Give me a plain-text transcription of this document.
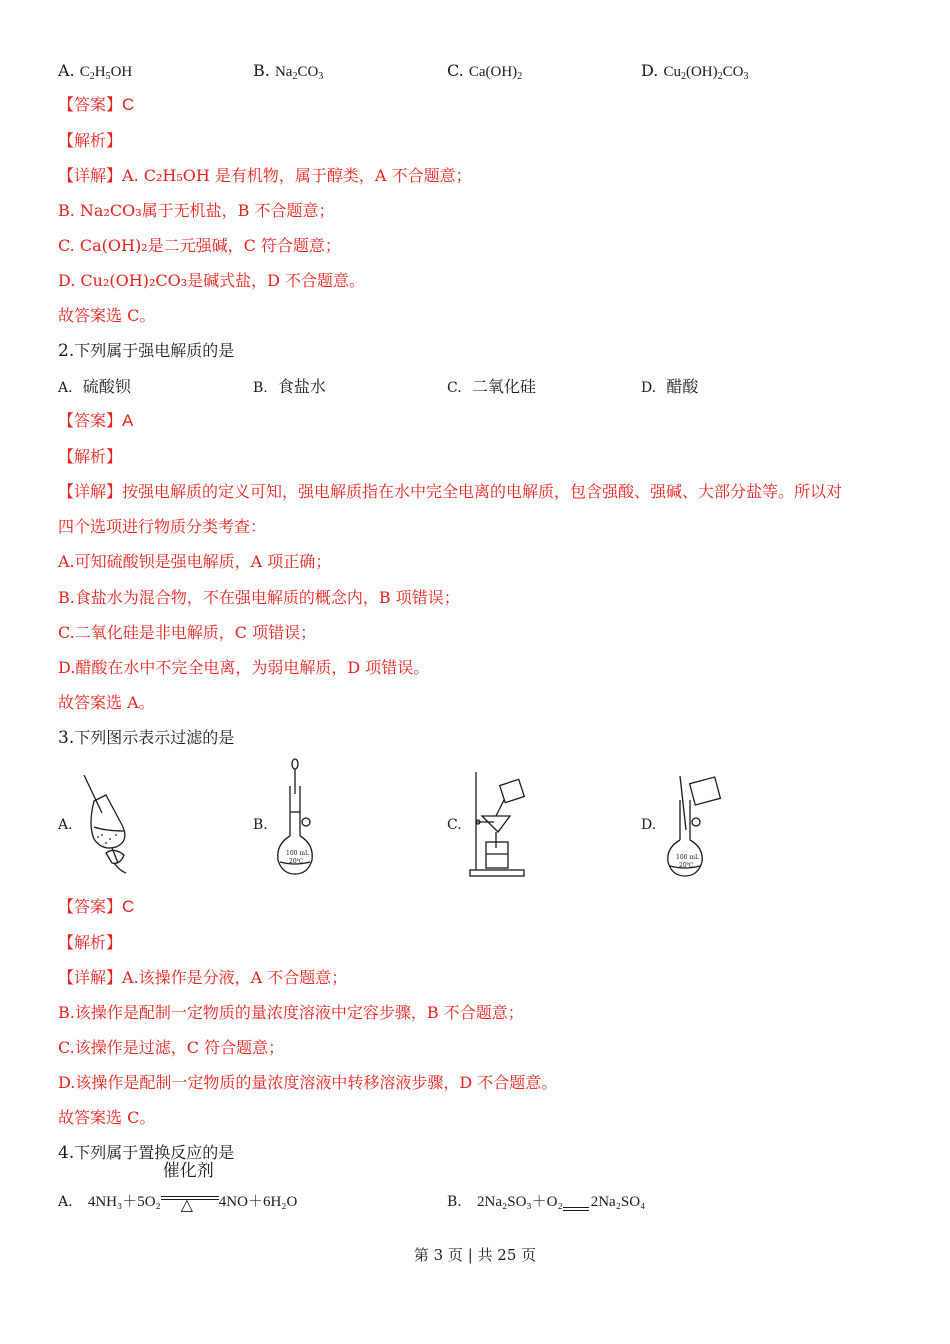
A. $C_2H_5OH$	B. $Na_2CO_3$	C. $Ca(OH)_2$	D. $Cu_2(OH)_2CO_3$
【答案】C
【解析】
【详解】A. C₂H₅OH 是有机物，属于醇类，A 不合题意；
B. Na₂CO₃属于无机盐，B 不合题意；
C. Ca(OH)₂是二元强碱，C 符合题意；
D. Cu₂(OH)₂CO₃是碱式盐，D 不合题意。
故答案选 C。
2.下列属于强电解质的是
A. 硫酸钡	B. 食盐水	C. 二氧化硅	D. 醋酸
【答案】A
【解析】
【详解】按强电解质的定义可知，强电解质指在水中完全电离的电解质，包含强酸、强碱、大部分盐等。所以对
四个选项进行物质分类考查：
A.可知硫酸钡是强电解质，A 项正确；
B.食盐水为混合物，不在强电解质的概念内，B 项错误；
C.二氧化硅是非电解质，C 项错误；
D.醋酸在水中不完全电离，为弱电解质，D 项错误。
故答案选 A。
3.下列图示表示过滤的是
A.	B.	C.	D.
100 mL
20℃
100 mL
20℃
【答案】C
【解析】
【详解】A.该操作是分液，A 不合题意；
B.该操作是配制一定物质的量浓度溶液中定容步骤，B 不合题意；
C.该操作是过滤，C 符合题意；
D.该操作是配制一定物质的量浓度溶液中转移溶液步骤，D 不合题意。
故答案选 C。
4.下列属于置换反应的是
A. 4NH₃＋5O₂
催化剂
△ 4NO＋6H₂O	B. 2Na₂SO₃＋O₂ 2Na₂SO₄
第 3 页 | 共 25 页
